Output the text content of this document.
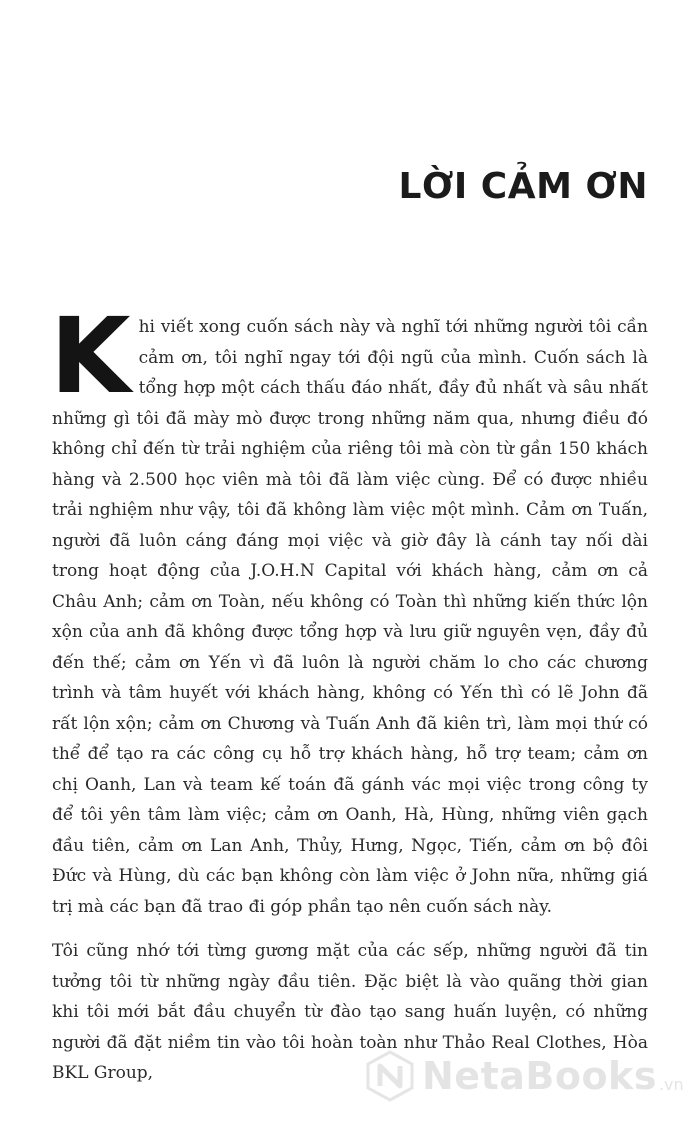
LỜI CẢM ƠN

K hi viết xong cuốn sách này và nghĩ tới những người tôi cần cảm ơn, tôi nghĩ ngay tới đội ngũ của mình. Cuốn sách là tổng hợp một cách thấu đáo nhất, đầy đủ nhất và sâu nhất những gì tôi đã mày mò được trong những năm qua, nhưng điều đó không chỉ đến từ trải nghiệm của riêng tôi mà còn từ gần 150 khách hàng và 2.500 học viên mà tôi đã làm việc cùng. Để có được nhiều trải nghiệm như vậy, tôi đã không làm việc một mình. Cảm ơn Tuấn, người đã luôn cáng đáng mọi việc và giờ đây là cánh tay nối dài trong hoạt động của J.O.H.N Capital với khách hàng, cảm ơn cả Châu Anh; cảm ơn Toàn, nếu không có Toàn thì những kiến thức lộn xộn của anh đã không được tổng hợp và lưu giữ nguyên vẹn, đầy đủ đến thế; cảm ơn Yến vì đã luôn là người chăm lo cho các chương trình và tâm huyết với khách hàng, không có Yến thì có lẽ John đã rất lộn xộn; cảm ơn Chương và Tuấn Anh đã kiên trì, làm mọi thứ có thể để tạo ra các công cụ hỗ trợ khách hàng, hỗ trợ team; cảm ơn chị Oanh, Lan và team kế toán đã gánh vác mọi việc trong công ty để tôi yên tâm làm việc; cảm ơn Oanh, Hà, Hùng, những viên gạch đầu tiên, cảm ơn Lan Anh, Thủy, Hưng, Ngọc, Tiến, cảm ơn bộ đôi Đức và Hùng, dù các bạn không còn làm việc ở John nữa, những giá trị mà các bạn đã trao đi góp phần tạo nên cuốn sách này.

Tôi cũng nhớ tới từng gương mặt của các sếp, những người đã tin tưởng tôi từ những ngày đầu tiên. Đặc biệt là vào quãng thời gian khi tôi mới bắt đầu chuyển từ đào tạo sang huấn luyện, có những người đã đặt niềm tin vào tôi hoàn toàn như Thảo Real Clothes, Hòa BKL Group,	NetaBooks .vn
